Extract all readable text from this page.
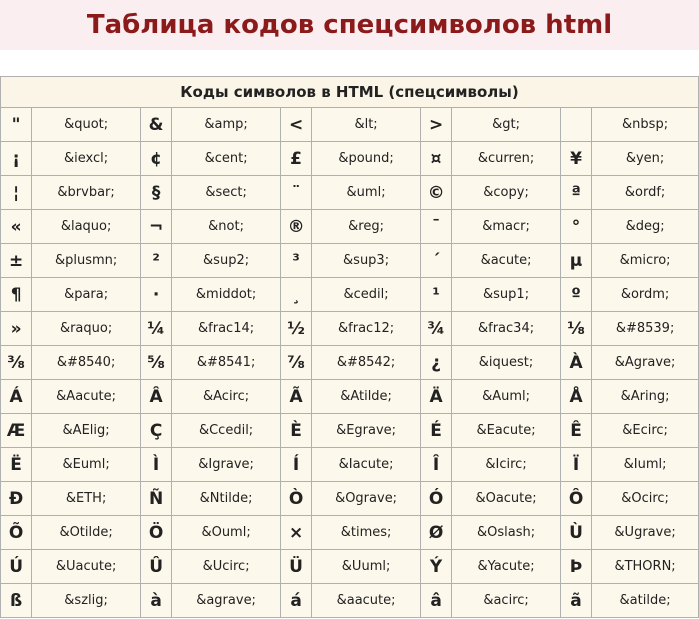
Таблица кодов спецсимволов html
Коды символов в HTML (спецсимволы)									
"	&quot;	&	&amp;	<	&lt;	>	&gt;		&nbsp;
¡	&iexcl;	¢	&cent;	£	&pound;	¤	&curren;	¥	&yen;
¦	&brvbar;	§	&sect;	¨	&uml;	©	&copy;	ª	&ordf;
«	&laquo;	¬	&not;	®	&reg;	¯	&macr;	°	&deg;
±	&plusmn;	²	&sup2;	³	&sup3;	´	&acute;	µ	&micro;
¶	&para;	·	&middot;	¸	&cedil;	¹	&sup1;	º	&ordm;
»	&raquo;	¼	&frac14;	½	&frac12;	¾	&frac34;	⅛	&#8539;
⅜	&#8540;	⅝	&#8541;	⅞	&#8542;	¿	&iquest;	À	&Agrave;
Á	&Aacute;	Â	&Acirc;	Ã	&Atilde;	Ä	&Auml;	Å	&Aring;
Æ	&AElig;	Ç	&Ccedil;	È	&Egrave;	É	&Eacute;	Ê	&Ecirc;
Ë	&Euml;	Ì	&Igrave;	Í	&Iacute;	Î	&Icirc;	Ï	&Iuml;
Ð	&ETH;	Ñ	&Ntilde;	Ò	&Ograve;	Ó	&Oacute;	Ô	&Ocirc;
Õ	&Otilde;	Ö	&Ouml;	×	&times;	Ø	&Oslash;	Ù	&Ugrave;
Ú	&Uacute;	Û	&Ucirc;	Ü	&Uuml;	Ý	&Yacute;	Þ	&THORN;
ß	&szlig;	à	&agrave;	á	&aacute;	â	&acirc;	ã	&atilde;
